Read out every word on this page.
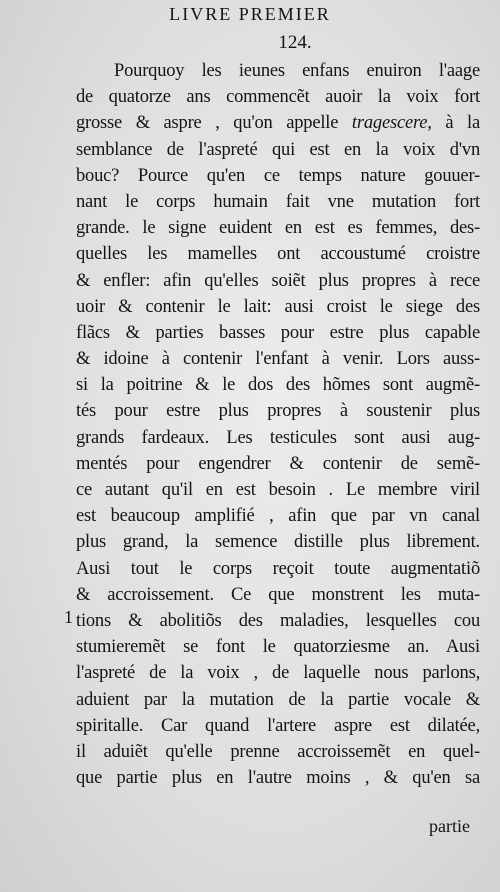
LIVRE PREMIER
124.
1
Pourquoy les ieunes enfans enuiron l'aage
de quatorze ans commencẽt auoir la voix fort
grosse & aspre , qu'on appelle tragescere, à la
semblance de l'aspreté qui est en la voix d'vn
bouc? Pource qu'en ce temps nature gouuer-
nant le corps humain fait vne mutation fort
grande. le signe euident en est es femmes, des-
quelles les mamelles ont accoustumé croistre
& enfler: afin qu'elles soiẽt plus propres à rece
uoir & contenir le lait: ausi croist le siege des
flãcs & parties basses pour estre plus capable
& idoine à contenir l'enfant à venir. Lors auss-
si la poitrine & le dos des hõmes sont augmẽ-
tés pour estre plus propres à soustenir plus
grands fardeaux. Les testicules sont ausi aug-
mentés pour engendrer & contenir de semẽ-
ce autant qu'il en est besoin . Le membre viril
est beaucoup amplifié , afin que par vn canal
plus grand, la semence distille plus librement.
Ausi tout le corps reçoit toute augmentatiõ
& accroissement. Ce que monstrent les muta-
tions & abolitiõs des maladies, lesquelles cou
stumieremẽt se font le quatorziesme an. Ausi
l'aspreté de la voix , de laquelle nous parlons,
aduient par la mutation de la partie vocale &
spiritalle. Car quand l'artere aspre est dilatée,
il aduiẽt qu'elle prenne accroissemẽt en quel-
que partie plus en l'autre moins , & qu'en sa
partie
